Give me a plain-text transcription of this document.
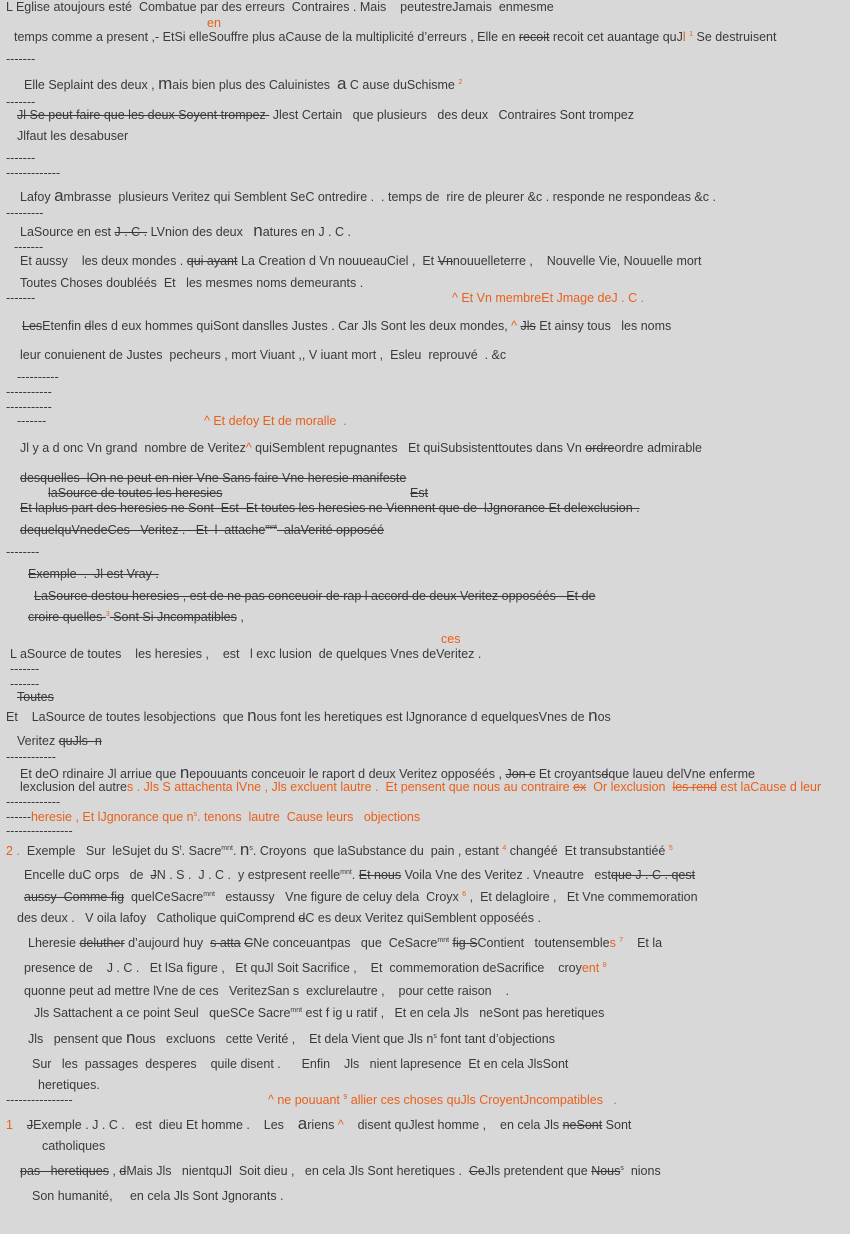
L Eglise atoujours esté  Combatue par des erreurs  Contraires . Mais    peutestreJamais  enmesme
en
temps comme a present ,- EtSi elleSouffre plus aCause de la multiplicité d’erreurs , Elle en recoit recoit cet auantage quJl $^1$ Se destruisent
-------
Elle Seplaint des deux , mais bien plus des Caluinistes  a C ause duSchisme $^2$
-------
Jl Se peut faire que les deux Soyent trompez  Jlest Certain   que plusieurs   des deux   Contraires Sont trompez
Jlfaut les desabuser
-------
-------------
Lafoy ambrasse  plusieurs Veritez qui Semblent SeC ontredire .  . temps de  rire de pleurer &c . responde ne respondeas &c .
---------
LaSource en est J . C . LVnion des deux   natures en J . C .
-------
Et aussy    les deux mondes . qui ayant La Creation d Vn nouueauCiel ,  Et Vnnouuelleterre ,    Nouvelle Vie, Nouuelle mort
Toutes Choses doubléés  Et   les mesmes noms demeurants .
-------	^ Et Vn membreEt Jmage deJ . C .
LesEtenfin dles d eux hommes quiSont danslles Justes . Car Jls Sont les deux mondes, ^ Jls Et ainsy tous   les noms
leur conuienent de Justes  pecheurs , mort Viuant ,, V iuant mort ,  Esleu  reprouvé  . &c
----------
-----------
-----------
-------	^ Et defoy Et de moralle  .
Jl y a d onc Vn grand  nombre de Veritez^ quiSemblent repugnantes   Et quiSubsistenttoutes dans Vn ordreordre admirable
desquelles  lOn ne peut en nier Vne Sans faire Vne heresie manifeste
laSource de toutes les heresies	Est
Et laplus part des heresies ne Sont  Est  Et toutes les heresies ne Viennent que de  lJgnorance Et delexclusion .
dequelquVnedeCes   Veritez .   Et  l  attache$^{mnt}$  alaVerité opposéé
--------
Exemple  .  Jl est Vray .
LaSource destou heresies , est de ne pas conceuoir de rap l accord de deux Veritez opposéés   Et de
croire quelles $^3$ Sont Si Jncompatibles ,
ces
L aSource de toutes    les heresies ,    est   l exc lusion  de quelques Vnes deVeritez .
-------
-------
Toutes
Et    LaSource de toutes lesobjections  que nous font les heretiques est lJgnorance d equelquesVnes de nos
Veritez quJls  n
------------
Et deO rdinaire Jl arriue que nepouuants conceuoir le raport d deux Veritez opposéés , Jon c Et croyantsdque laueu delVne enferme
lexclusion del autres . Jls S attachenta lVne , Jls excluent lautre .  Et pensent que nous au contraire ex  Or lexclusion  les rend est laCause d leur
-------------
------heresie , Et lJgnorance que $n^s$. tenons  lautre  Cause leurs   objections
----------------
2 .  Exemple   Sur  leSujet du $S^t$. Sacre$^{mnt}$. $n^s$. Croyons  que laSubstance du  pain , estant $^4$ changéé  Et transubstantiéé $^5$
Encelle duC orps   de  JN . S .  J . C .  y estpresent reelle$^{mnt}$. Et nous Voila Vne des Veritez . Vneautre   estque J . C . qest
aussy  Comme fig  quelCeSacre$^{mnt}$   estaussy   Vne figure de celuy dela  Croyx $^6$ ,  Et delagloire ,   Et Vne commemoration
des deux .   V oila lafoy   Catholique quiComprend dC es deux Veritez quiSemblent opposéés .
Lheresie deluther d’aujourd huy  s atta CNe conceuantpas   que  CeSacre$^{mnt}$ fig SContient   toutensembles $^7$    Et la
presence de    J . C .   Et lSa figure ,   Et quJl Soit Sacrifice ,    Et  commemoration deSacrifice    croyent $^8$
quonne peut ad mettre lVne de ces   VeritezSan s  exclurelautre ,    pour cette raison    .
Jls Sattachent a ce point Seul   queSCe Sacre$^{mnt}$ est f ig u ratif ,   Et en cela Jls   neSont pas heretiques
Jls   pensent que nous   excluons   cette Verité ,    Et dela Vient que Jls $n^s$ font tant d’objections
Sur   les  passages  desperes    quile disent .      Enfin    Jls   nient lapresence  Et en cela JlsSont
heretiques.
----------------	^ ne pouuant $^9$ allier ces choses quJls CroyentJncompatibles   .
1 JExemple . J . C .   est  dieu Et homme .    Les    ariens ^    disent quJlest homme ,    en cela Jls neSont Sont
catholiques
pas   heretiques , dMais Jls   nientquJl  Soit dieu ,   en cela Jls Sont heretiques .  CeJls pretendent que Nous$^s$  nions
Son humanité,     en cela Jls Sont Jgnorants .
